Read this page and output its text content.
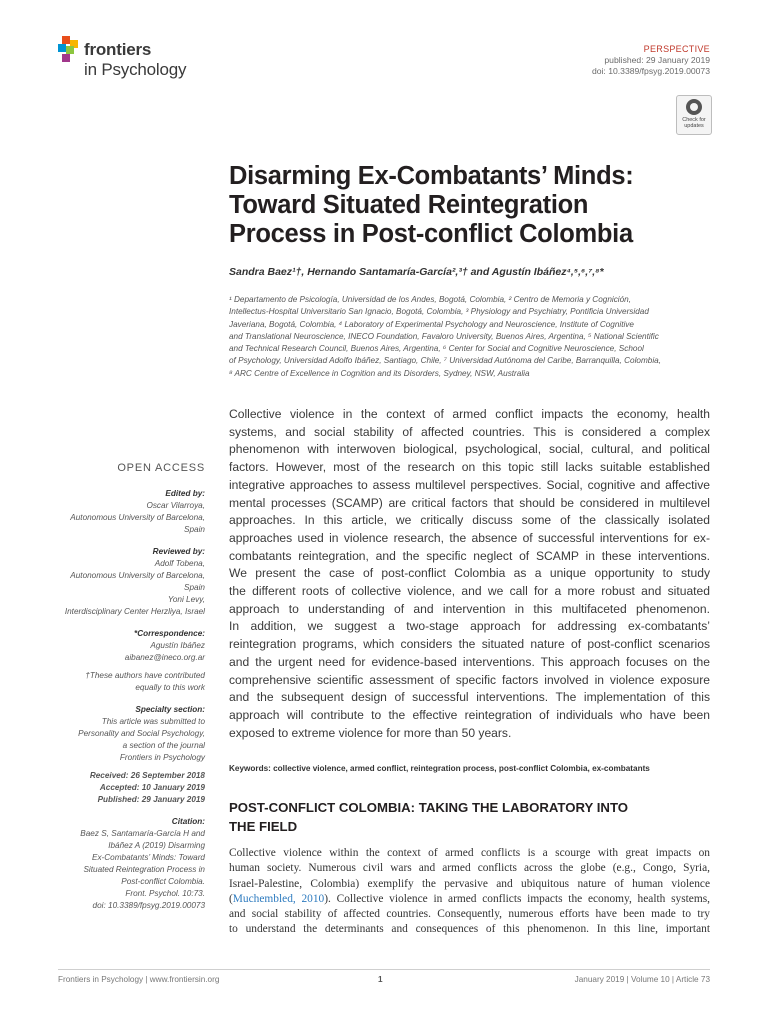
frontiers
in Psychology
PERSPECTIVE
published: 29 January 2019
doi: 10.3389/fpsyg.2019.00073
Check for updates
Disarming Ex-Combatants’ Minds:
Toward Situated Reintegration
Process in Post-conflict Colombia
Sandra Baez¹†, Hernando Santamaría-García²,³† and Agustín Ibáñez⁴,⁵,⁶,⁷,⁸*
¹ Departamento de Psicología, Universidad de los Andes, Bogotá, Colombia, ² Centro de Memoria y Cognición,
Intellectus-Hospital Universitario San Ignacio, Bogotá, Colombia, ³ Physiology and Psychiatry, Pontificia Universidad
Javeriana, Bogotá, Colombia, ⁴ Laboratory of Experimental Psychology and Neuroscience, Institute of Cognitive
and Translational Neuroscience, INECO Foundation, Favaloro University, Buenos Aires, Argentina, ⁵ National Scientific
and Technical Research Council, Buenos Aires, Argentina, ⁶ Center for Social and Cognitive Neuroscience, School
of Psychology, Universidad Adolfo Ibáñez, Santiago, Chile, ⁷ Universidad Autónoma del Caribe, Barranquilla, Colombia,
⁸ ARC Centre of Excellence in Cognition and its Disorders, Sydney, NSW, Australia
Collective violence in the context of armed conflict impacts the economy, health
systems, and social stability of affected countries. This is considered a complex
phenomenon with interwoven biological, psychological, social, cultural, and political
factors. However, most of the research on this topic still lacks suitable established
integrative approaches to assess multilevel perspectives. Social, cognitive and affective
mental processes (SCAMP) are critical factors that should be considered in multilevel
approaches. In this article, we critically discuss some of the classically isolated
approaches used in violence research, the absence of successful interventions for ex-
combatants reintegration, and the specific neglect of SCAMP in these interventions.
We present the case of post-conflict Colombia as a unique opportunity to study
the different roots of collective violence, and we call for a more robust and situated
approach to understanding of and intervention in this multifaceted phenomenon.
In addition, we suggest a two-stage approach for addressing ex-combatants’
reintegration programs, which considers the situated nature of post-conflict scenarios
and the urgent need for evidence-based interventions. This approach focuses on the
comprehensive scientific assessment of specific factors involved in violence exposure
and the subsequent design of successful interventions. The implementation of this
approach will contribute to the effective reintegration of individuals who have been
exposed to extreme violence for more than 50 years.
Keywords: collective violence, armed conflict, reintegration process, post-conflict Colombia, ex-combatants
POST-CONFLICT COLOMBIA: TAKING THE LABORATORY INTO
THE FIELD
Collective violence within the context of armed conflicts is a scourge with great impacts on
human society. Numerous civil wars and armed conflicts across the globe (e.g., Congo, Syria,
Israel-Palestine, Colombia) exemplify the pervasive and ubiquitous nature of human violence
(Muchembled, 2010). Collective violence in armed conflicts impacts the economy, health systems,
and social stability of affected countries. Consequently, numerous efforts have been made to try
to understand the determinants and consequences of this phenomenon. In this line, important
OPEN ACCESS
Edited by:
Oscar Vilarroya,
Autonomous University of Barcelona,
Spain
Reviewed by:
Adolf Tobena,
Autonomous University of Barcelona,
Spain
Yoni Levy,
Interdisciplinary Center Herzliya, Israel
*Correspondence:
Agustín Ibáñez
aibanez@ineco.org.ar
†These authors have contributed
equally to this work
Specialty section:
This article was submitted to
Personality and Social Psychology,
a section of the journal
Frontiers in Psychology
Received: 26 September 2018
Accepted: 10 January 2019
Published: 29 January 2019
Citation:
Baez S, Santamaría-García H and
Ibáñez A (2019) Disarming
Ex-Combatants’ Minds: Toward
Situated Reintegration Process in
Post-conflict Colombia.
Front. Psychol. 10:73.
doi: 10.3389/fpsyg.2019.00073
Frontiers in Psychology | www.frontiersin.org	1	January 2019 | Volume 10 | Article 73
